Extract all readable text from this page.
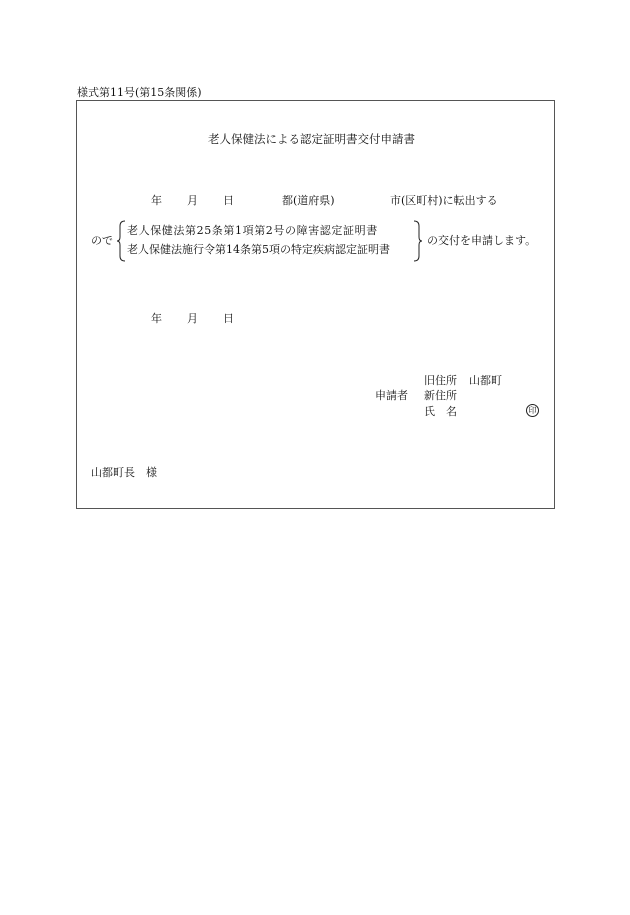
様式第11号(第15条関係)
老人保健法による認定証明書交付申請書
年 月 日	都(道府県)	市(区町村)に転出する
ので
老人保健法第25条第1項第2号の障害認定証明書
老人保健法施行令第14条第5項の特定疾病認定証明書
の交付を申請します。
年 月 日
旧住所 山都町
申請者 新住所
氏 名	印
山都町長　様
